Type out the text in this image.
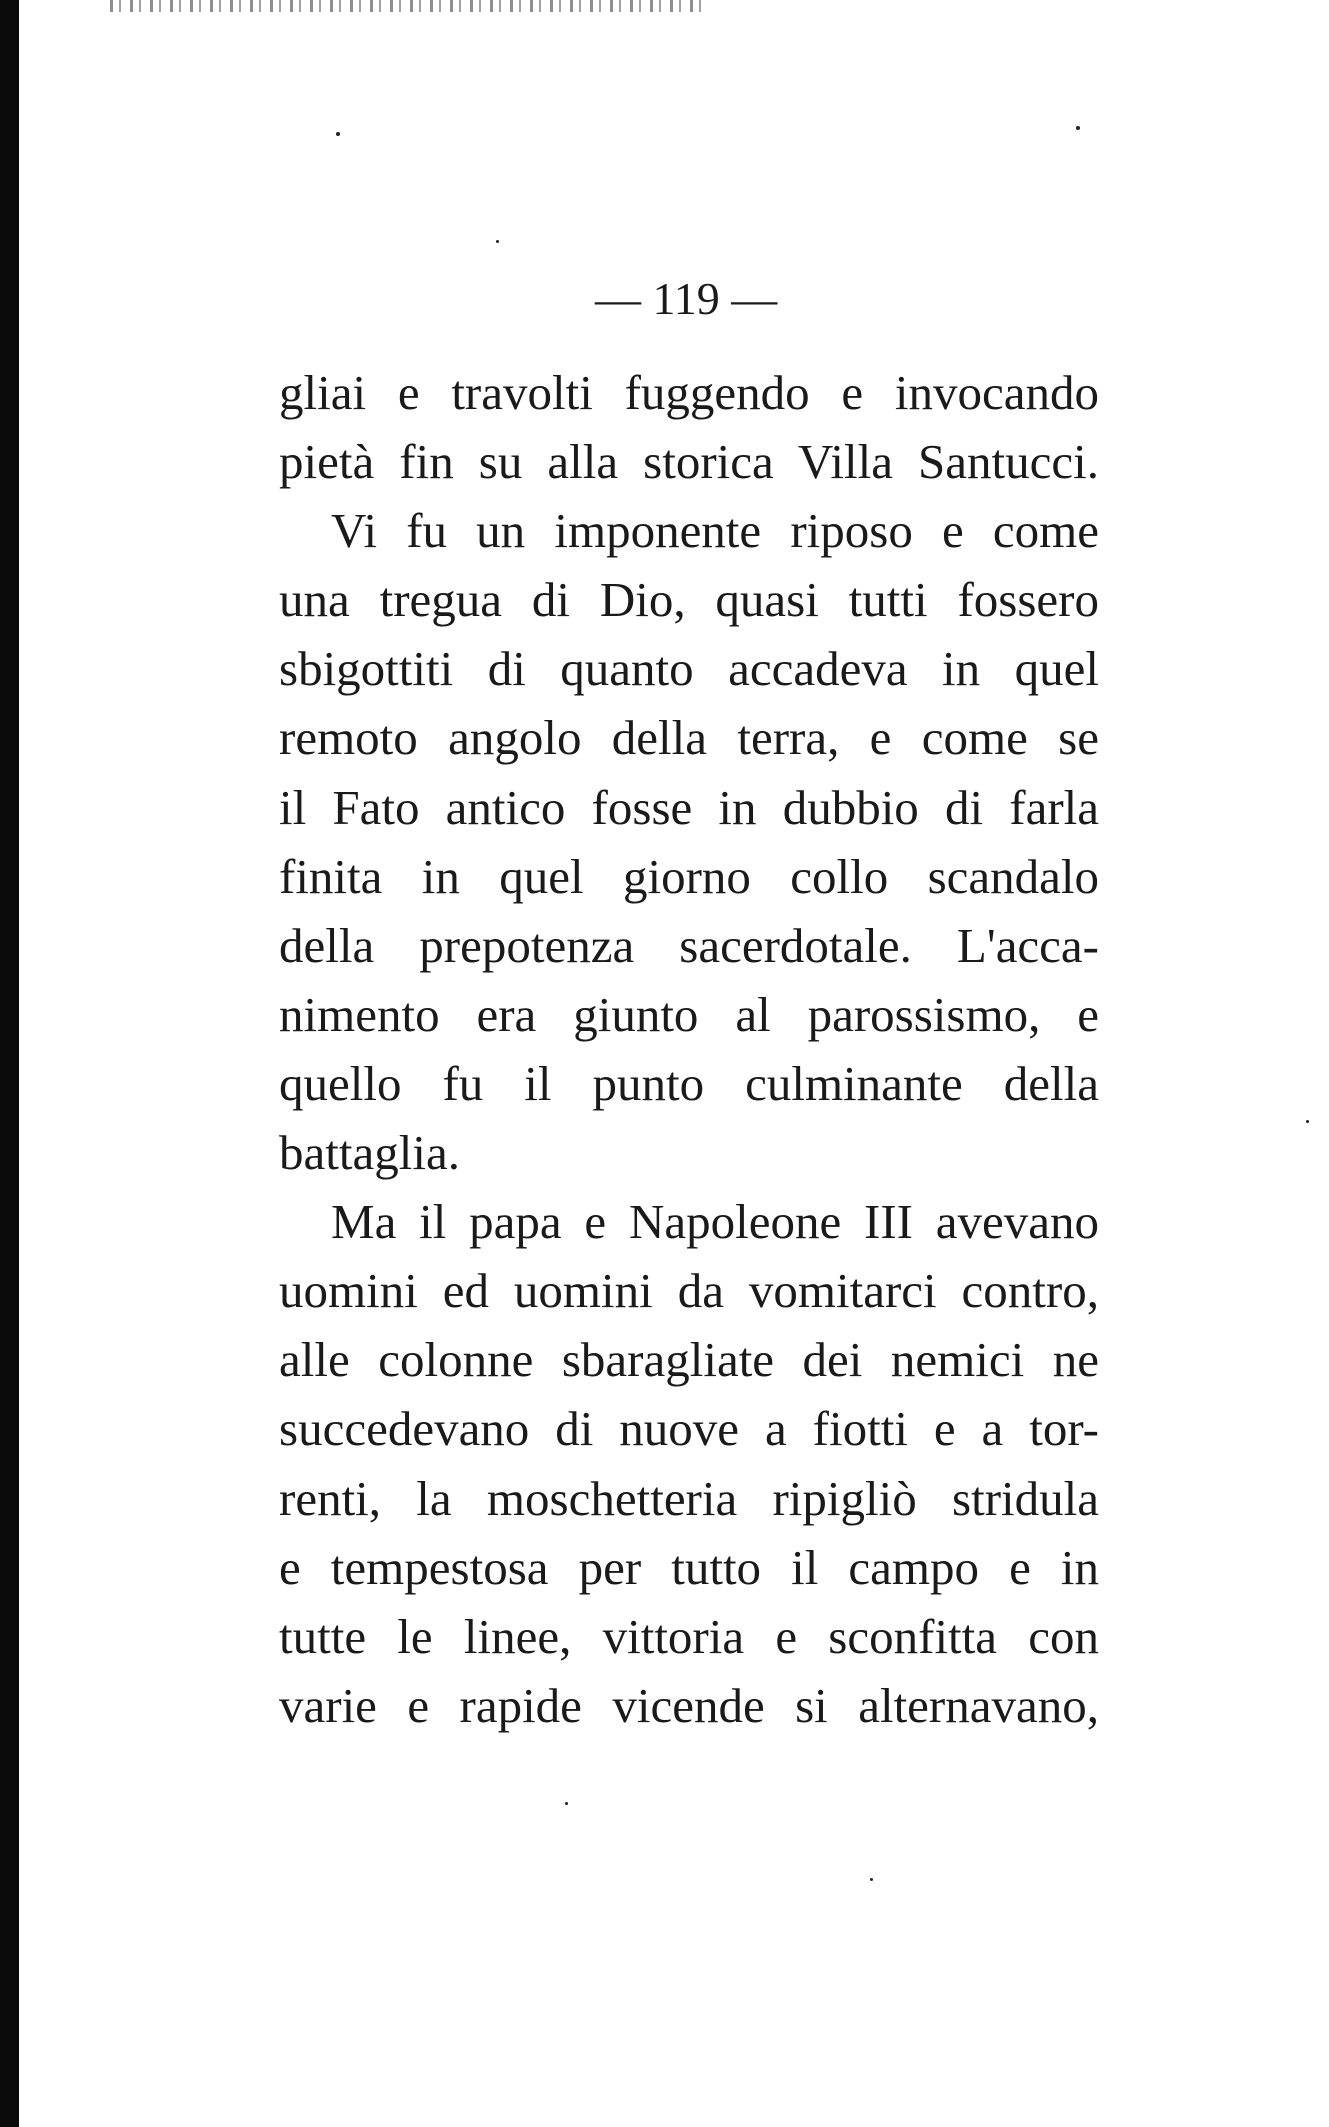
— 119 —
gliai e travolti fuggendo e invocando
pietà fin su alla storica Villa Santucci.
Vi fu un imponente riposo e come
una tregua di Dio, quasi tutti fossero
sbigottiti di quanto accadeva in quel
remoto angolo della terra, e come se
il Fato antico fosse in dubbio di farla
finita in quel giorno collo scandalo
della prepotenza sacerdotale. L'acca-
nimento era giunto al parossismo, e
quello fu il punto culminante della
battaglia.
Ma il papa e Napoleone III avevano
uomini ed uomini da vomitarci contro,
alle colonne sbaragliate dei nemici ne
succedevano di nuove a fiotti e a tor-
renti, la moschetteria ripigliò stridula
e tempestosa per tutto il campo e in
tutte le linee, vittoria e sconfitta con
varie e rapide vicende si alternavano,
